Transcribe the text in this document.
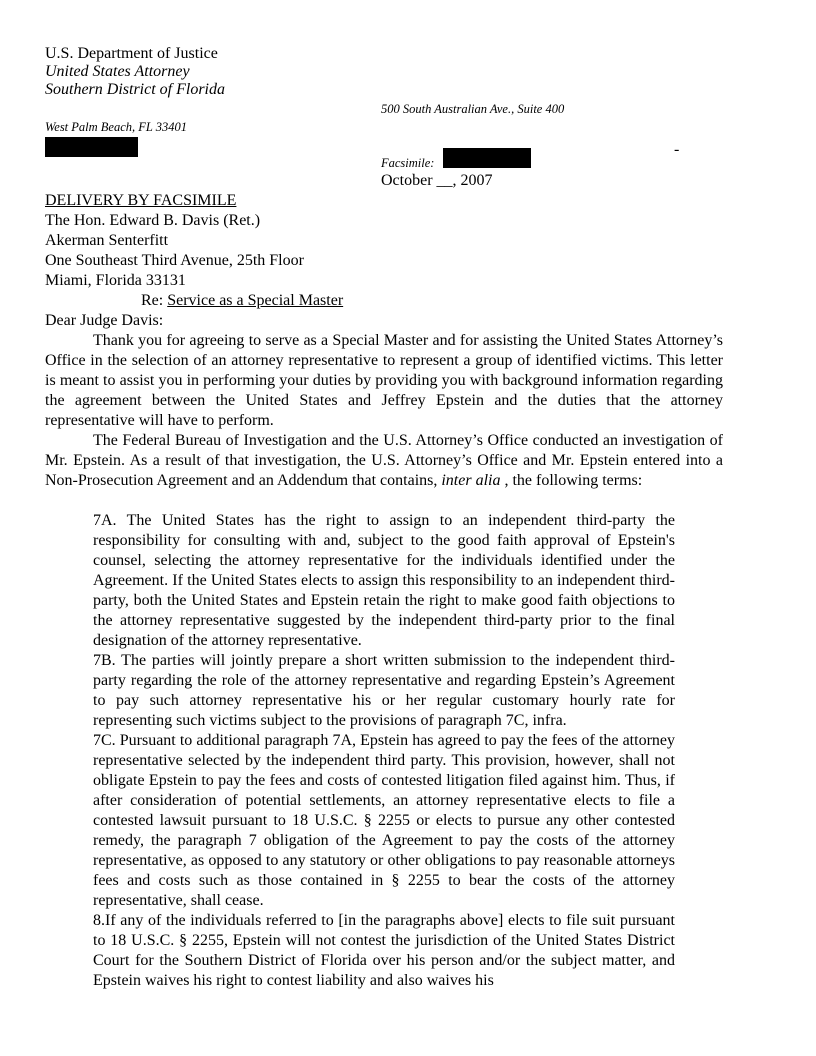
U.S. Department of Justice
United States Attorney
Southern District of Florida
500 South Australian Ave., Suite 400
West Palm Beach, FL 33401
Facsimile:
-
October __, 2007
DELIVERY BY FACSIMILE
The Hon. Edward B. Davis (Ret.)
Akerman Senterfitt
One Southeast Third Avenue, 25th Floor
Miami, Florida 33131
Re: Service as a Special Master
Dear Judge Davis:

Thank you for agreeing to serve as a Special Master and for assisting the United States Attorney’s Office in the selection of an attorney representative to represent a group of identified victims. This letter is meant to assist you in performing your duties by providing you with background information regarding the agreement between the United States and Jeffrey Epstein and the duties that the attorney representative will have to perform.

The Federal Bureau of Investigation and the U.S. Attorney’s Office conducted an investigation of Mr. Epstein. As a result of that investigation, the U.S. Attorney’s Office and Mr. Epstein entered into a Non-Prosecution Agreement and an Addendum that contains, inter alia , the following terms:

7A. The United States has the right to assign to an independent third-party the responsibility for consulting with and, subject to the good faith approval of Epstein's counsel, selecting the attorney representative for the individuals identified under the Agreement. If the United States elects to assign this responsibility to an independent third-party, both the United States and Epstein retain the right to make good faith objections to the attorney representative suggested by the independent third-party prior to the final designation of the attorney representative.

7B. The parties will jointly prepare a short written submission to the independent third-party regarding the role of the attorney representative and regarding Epstein’s Agreement to pay such attorney representative his or her regular customary hourly rate for representing such victims subject to the provisions of paragraph 7C, infra.

7C. Pursuant to additional paragraph 7A, Epstein has agreed to pay the fees of the attorney representative selected by the independent third party. This provision, however, shall not obligate Epstein to pay the fees and costs of contested litigation filed against him. Thus, if after consideration of potential settlements, an attorney representative elects to file a contested lawsuit pursuant to 18 U.S.C. § 2255 or elects to pursue any other contested remedy, the paragraph 7 obligation of the Agreement to pay the costs of the attorney representative, as opposed to any statutory or other obligations to pay reasonable attorneys fees and costs such as those contained in § 2255 to bear the costs of the attorney representative, shall cease.

8.If any of the individuals referred to [in the paragraphs above] elects to file suit pursuant to 18 U.S.C. § 2255, Epstein will not contest the jurisdiction of the United States District Court for the Southern District of Florida over his person and/or the subject matter, and Epstein waives his right to contest liability and also waives his
